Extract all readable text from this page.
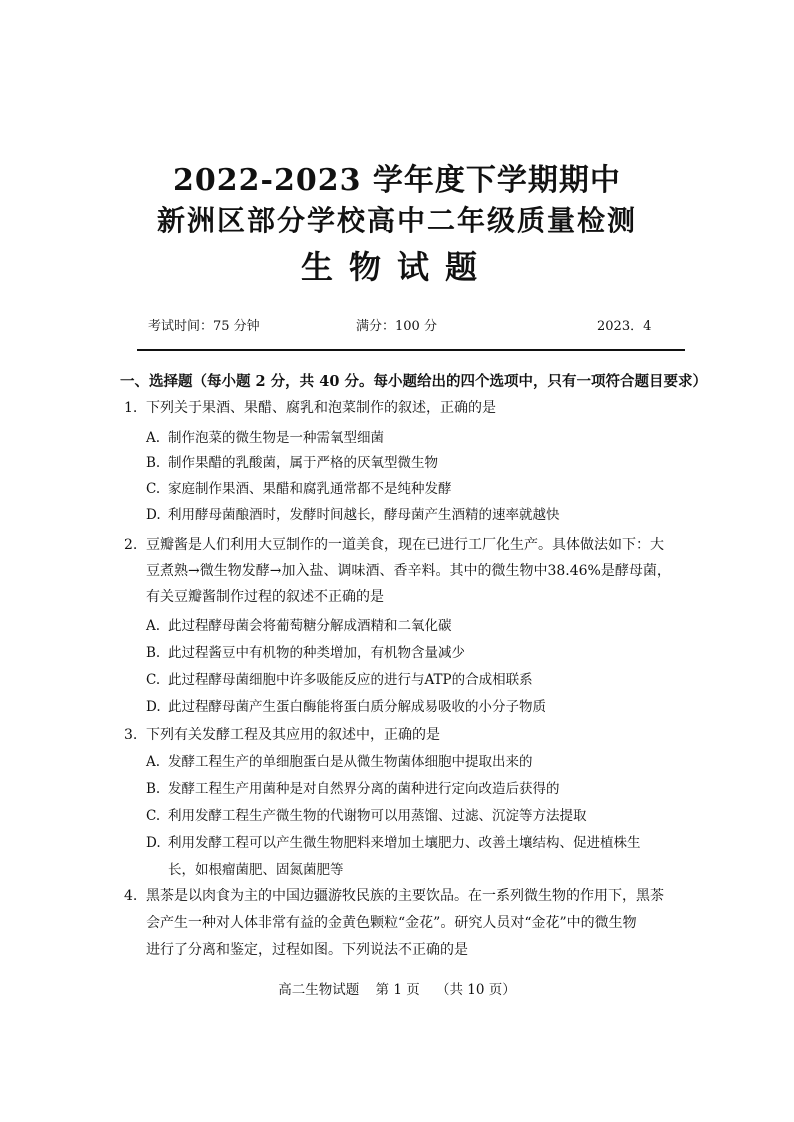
2022-2023 学年度下学期期中
新洲区部分学校高中二年级质量检测
生物试题
考试时间：75 分钟	满分：100 分	2023．4
一、选择题（每小题 2 分，共 40 分。每小题给出的四个选项中，只有一项符合题目要求）
1. 下列关于果酒、果醋、腐乳和泡菜制作的叙述，正确的是
A. 制作泡菜的微生物是一种需氧型细菌
B. 制作果醋的乳酸菌，属于严格的厌氧型微生物
C. 家庭制作果酒、果醋和腐乳通常都不是纯种发酵
D. 利用酵母菌酿酒时，发酵时间越长，酵母菌产生酒精的速率就越快
2. 豆瓣酱是人们利用大豆制作的一道美食，现在已进行工厂化生产。具体做法如下：大
豆煮熟→微生物发酵→加入盐、调味酒、香辛料。其中的微生物中38.46%是酵母菌，
有关豆瓣酱制作过程的叙述不正确的是
A. 此过程酵母菌会将葡萄糖分解成酒精和二氧化碳
B. 此过程酱豆中有机物的种类增加，有机物含量减少
C. 此过程酵母菌细胞中许多吸能反应的进行与ATP的合成相联系
D. 此过程酵母菌产生蛋白酶能将蛋白质分解成易吸收的小分子物质
3. 下列有关发酵工程及其应用的叙述中，正确的是
A. 发酵工程生产的单细胞蛋白是从微生物菌体细胞中提取出来的
B. 发酵工程生产用菌种是对自然界分离的菌种进行定向改造后获得的
C. 利用发酵工程生产微生物的代谢物可以用蒸馏、过滤、沉淀等方法提取
D. 利用发酵工程可以产生微生物肥料来增加土壤肥力、改善土壤结构、促进植株生
长，如根瘤菌肥、固氮菌肥等
4. 黑茶是以肉食为主的中国边疆游牧民族的主要饮品。在一系列微生物的作用下，黑茶
会产生一种对人体非常有益的金黄色颗粒“金花”。研究人员对“金花”中的微生物
进行了分离和鉴定，过程如图。下列说法不正确的是
高二生物试题 第 1 页 （共 10 页）
